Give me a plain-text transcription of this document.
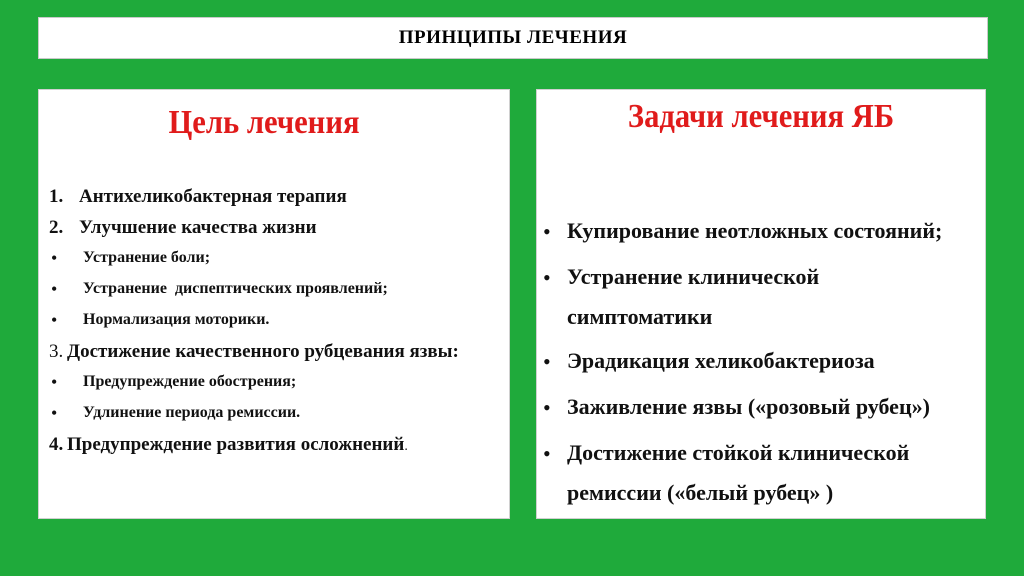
ПРИНЦИПЫ ЛЕЧЕНИЯ
Цель лечения
1. Антихеликобактерная терапия
2. Улучшение качества жизни
•	Устранение боли;
•	Устранение  диспептических проявлений;
•	Нормализация моторики.
3. Достижение качественного рубцевания язвы:
•	Предупреждение обострения;
•	Удлинение периода ремиссии.
4. Предупреждение развития осложнений.
Задачи лечения ЯБ
• Купирование неотложных состояний;
• Устранение клинической симптоматики
• Эрадикация хеликобактериоза
• Заживление язвы («розовый рубец»)
• Достижение стойкой клинической ремиссии («белый рубец» )
